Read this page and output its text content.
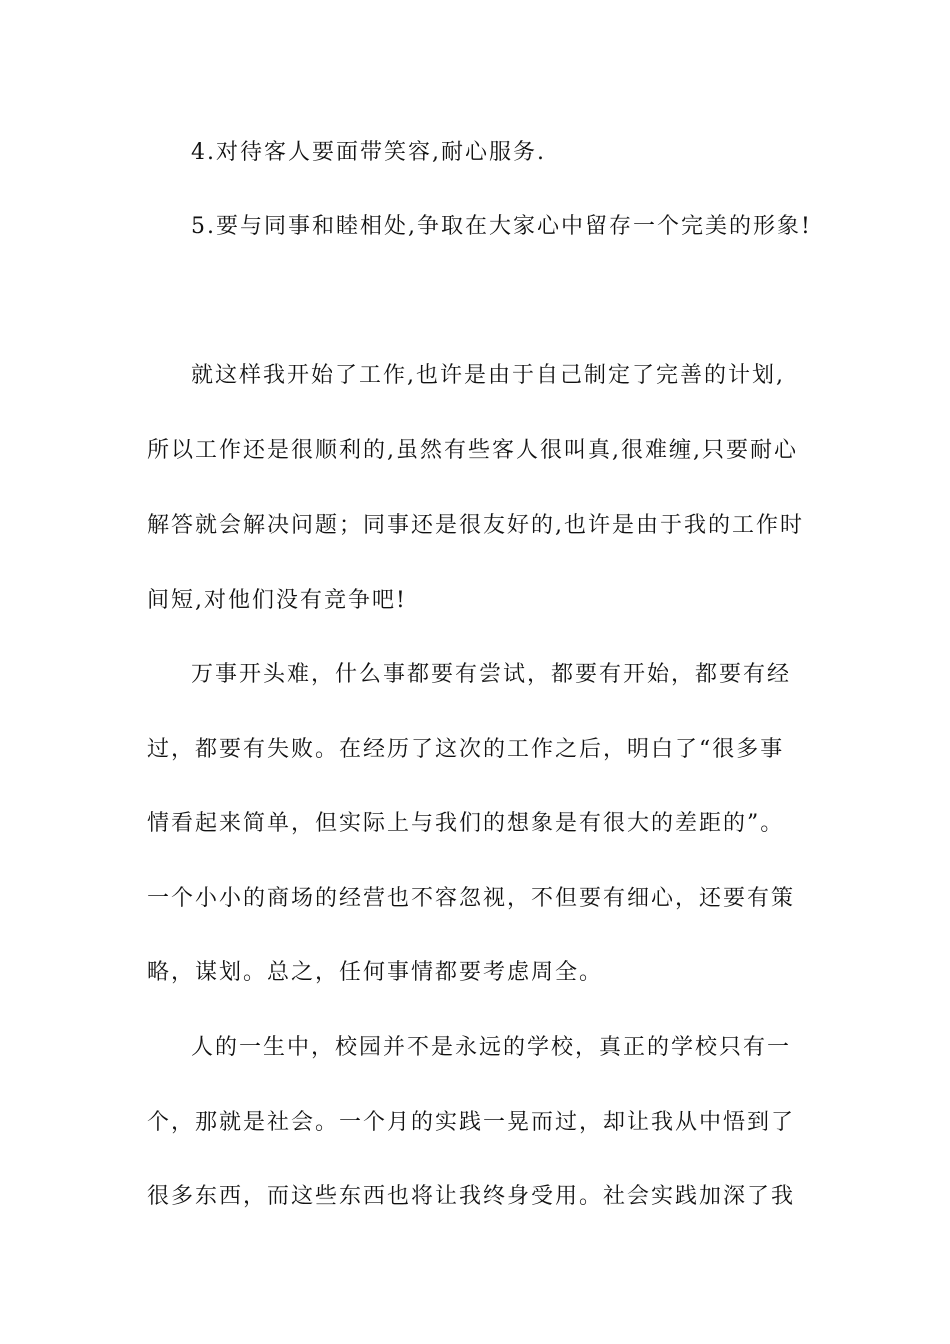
4.对待客人要面带笑容,耐心服务.
5.要与同事和睦相处,争取在大家心中留存一个完美的形象!
就这样我开始了工作,也许是由于自己制定了完善的计划,
所以工作还是很顺利的,虽然有些客人很叫真,很难缠,只要耐心
解答就会解决问题；同事还是很友好的,也许是由于我的工作时
间短,对他们没有竞争吧!
万事开头难，什么事都要有尝试，都要有开始，都要有经
过，都要有失败。在经历了这次的工作之后，明白了“很多事
情看起来简单，但实际上与我们的想象是有很大的差距的”。
一个小小的商场的经营也不容忽视，不但要有细心，还要有策
略，谋划。总之，任何事情都要考虑周全。
人的一生中，校园并不是永远的学校，真正的学校只有一
个，那就是社会。一个月的实践一晃而过，却让我从中悟到了
很多东西，而这些东西也将让我终身受用。社会实践加深了我
